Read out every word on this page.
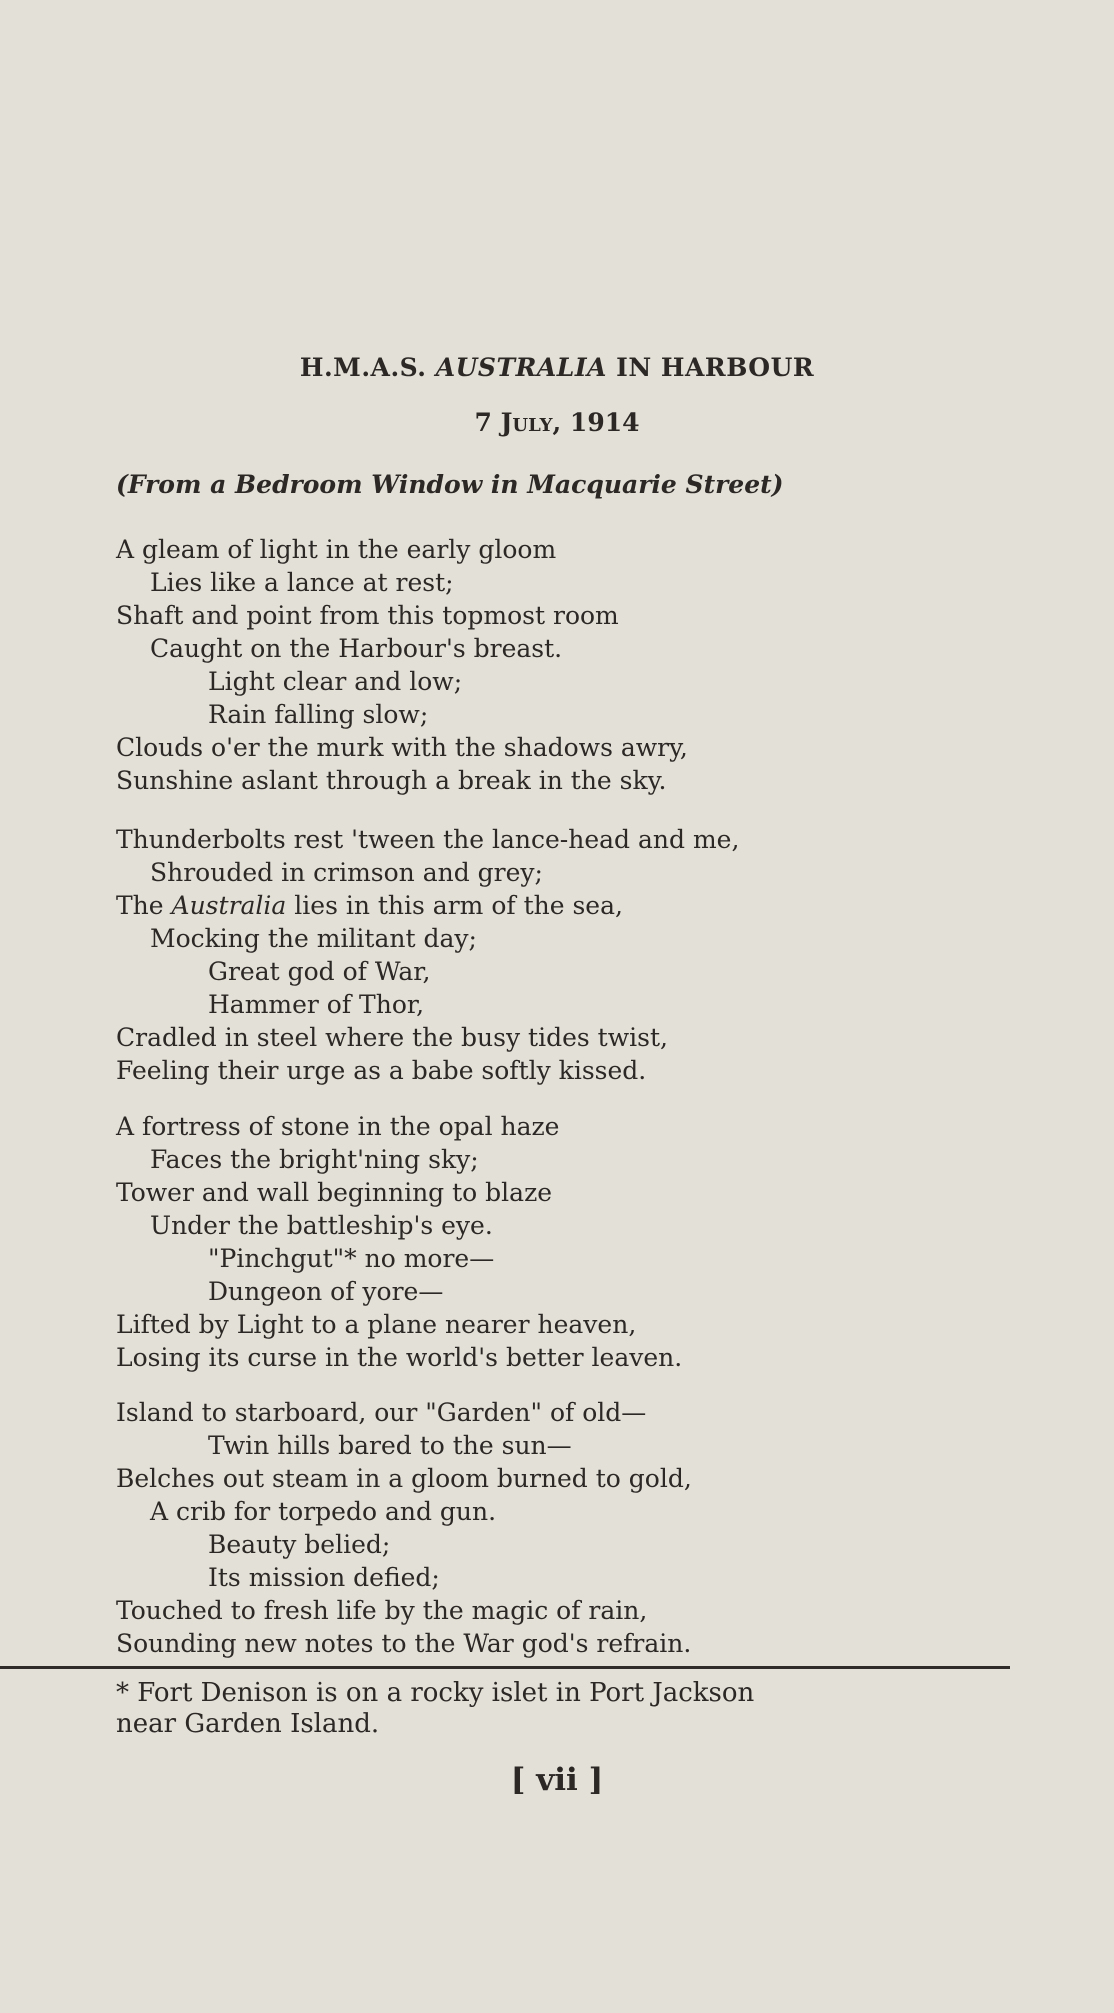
H.M.A.S. AUSTRALIA IN HARBOUR
7 July, 1914
(From a Bedroom Window in Macquarie Street)
A gleam of light in the early gloom
Lies like a lance at rest;
Shaft and point from this topmost room
Caught on the Harbour's breast.
Light clear and low;
Rain falling slow;
Clouds o'er the murk with the shadows awry,
Sunshine aslant through a break in the sky.
Thunderbolts rest 'tween the lance-head and me,
Shrouded in crimson and grey;
The Australia lies in this arm of the sea,
Mocking the militant day;
Great god of War,
Hammer of Thor,
Cradled in steel where the busy tides twist,
Feeling their urge as a babe softly kissed.
A fortress of stone in the opal haze
Faces the bright'ning sky;
Tower and wall beginning to blaze
Under the battleship's eye.
"Pinchgut"* no more—
Dungeon of yore—
Lifted by Light to a plane nearer heaven,
Losing its curse in the world's better leaven.
Island to starboard, our "Garden" of old—
Twin hills bared to the sun—
Belches out steam in a gloom burned to gold,
A crib for torpedo and gun.
Beauty belied;
Its mission defied;
Touched to fresh life by the magic of rain,
Sounding new notes to the War god's refrain.
* Fort Denison is on a rocky islet in Port Jackson
near Garden Island.
[ vii ]
